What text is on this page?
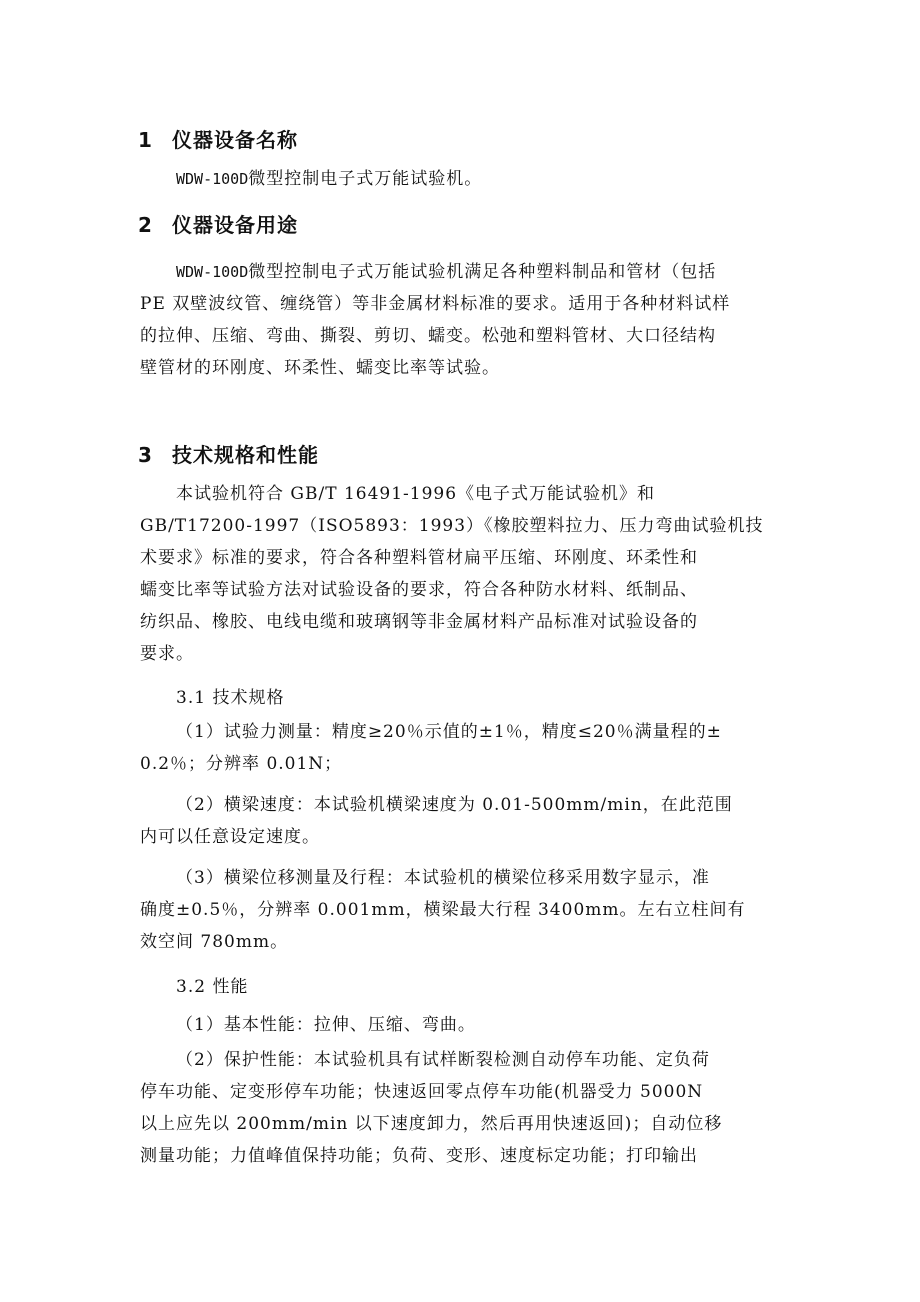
1 仪器设备名称
WDW-100D微型控制电子式万能试验机。
2 仪器设备用途
WDW-100D微型控制电子式万能试验机满足各种塑料制品和管材（包括
PE 双壁波纹管、缠绕管）等非金属材料标准的要求。适用于各种材料试样
的拉伸、压缩、弯曲、撕裂、剪切、蠕变。松弛和塑料管材、大口径结构
壁管材的环刚度、环柔性、蠕变比率等试验。
3 技术规格和性能
本试验机符合 GB/T 16491-1996《电子式万能试验机》和
GB/T17200-1997（ISO5893：1993）《橡胶塑料拉力、压力弯曲试验机技
术要求》标准的要求，符合各种塑料管材扁平压缩、环刚度、环柔性和
蠕变比率等试验方法对试验设备的要求，符合各种防水材料、纸制品、
纺织品、橡胶、电线电缆和玻璃钢等非金属材料产品标准对试验设备的
要求。
3.1 技术规格
（1）试验力测量：精度≥20％示值的±1％，精度≤20％满量程的±
0.2％；分辨率 0.01N；
（2）横梁速度：本试验机横梁速度为 0.01-500mm/min，在此范围
内可以任意设定速度。
（3）横梁位移测量及行程：本试验机的横梁位移采用数字显示，准
确度±0.5％，分辨率 0.001mm，横梁最大行程 3400mm。左右立柱间有
效空间 780mm。
3.2 性能
（1）基本性能：拉伸、压缩、弯曲。
（2）保护性能：本试验机具有试样断裂检测自动停车功能、定负荷
停车功能、定变形停车功能；快速返回零点停车功能(机器受力 5000N
以上应先以 200mm/min 以下速度卸力，然后再用快速返回)；自动位移
测量功能；力值峰值保持功能；负荷、变形、速度标定功能；打印输出
